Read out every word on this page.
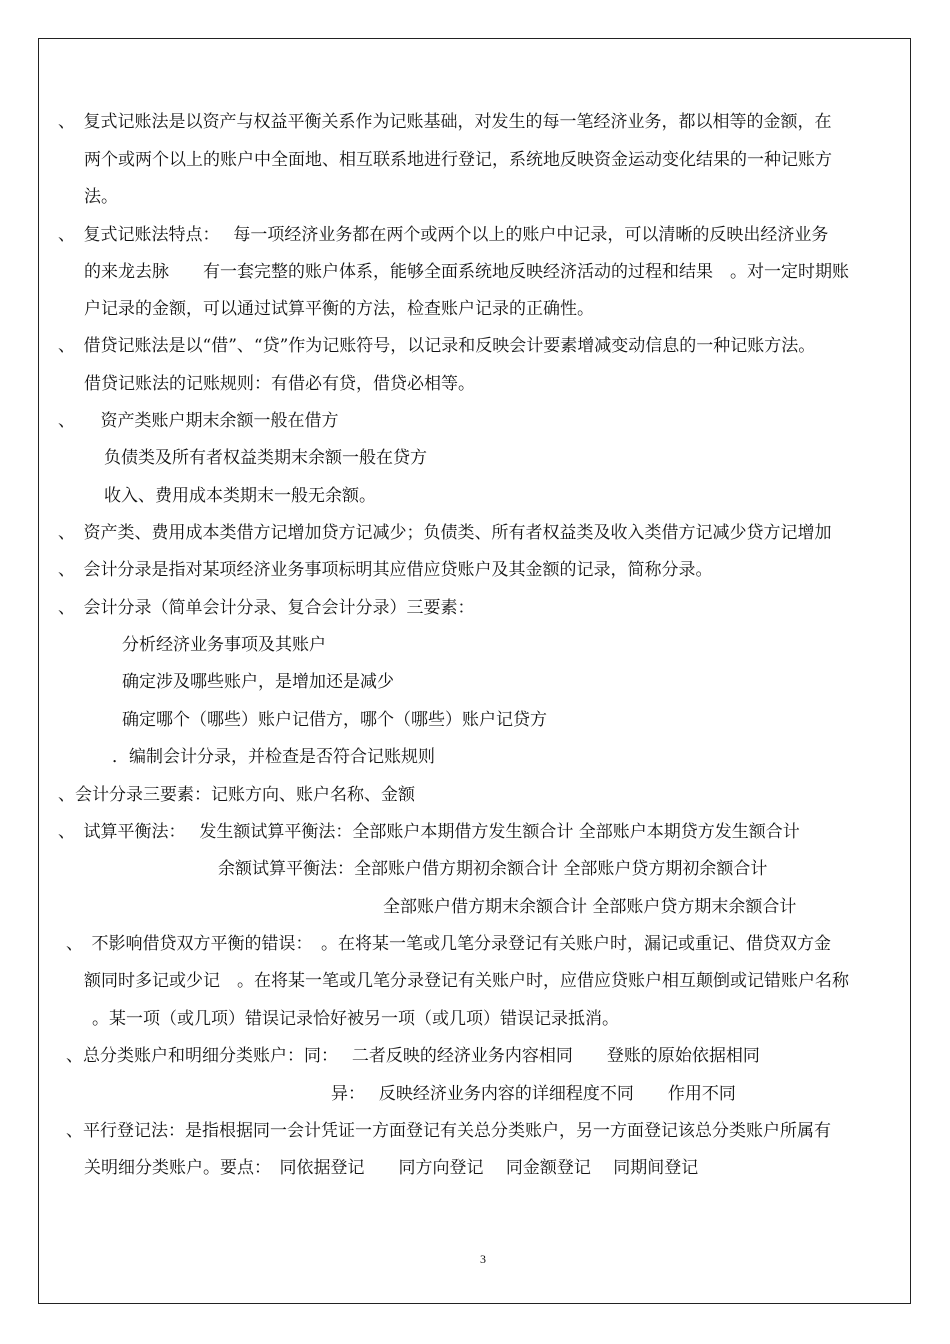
、　复式记账法是以资产与权益平衡关系作为记账基础，对发生的每一笔经济业务，都以相等的金额，在
两个或两个以上的账户中全面地、相互联系地进行登记，系统地反映资金运动变化结果的一种记账方
法。
、　复式记账法特点：　 每一项经济业务都在两个或两个以上的账户中记录，可以清晰的反映出经济业务
的来龙去脉　　有一套完整的账户体系，能够全面系统地反映经济活动的过程和结果　。对一定时期账
户记录的金额，可以通过试算平衡的方法，检查账户记录的正确性。
、　借贷记账法是以“借”、“贷”作为记账符号，以记录和反映会计要素增减变动信息的一种记账方法。
借贷记账法的记账规则：有借必有贷，借贷必相等。
、　　资产类账户期末余额一般在借方
负债类及所有者权益类期末余额一般在贷方
收入、费用成本类期末一般无余额。
、　资产类、费用成本类借方记增加贷方记减少；负债类、所有者权益类及收入类借方记减少贷方记增加
、　会计分录是指对某项经济业务事项标明其应借应贷账户及其金额的记录，简称分录。
、　会计分录（简单会计分录、复合会计分录）三要素：
分析经济业务事项及其账户
确定涉及哪些账户，是增加还是减少
确定哪个（哪些）账户记借方，哪个（哪些）账户记贷方
．编制会计分录，并检查是否符合记账规则
、会计分录三要素：记账方向、账户名称、金额
、　试算平衡法：　 发生额试算平衡法：全部账户本期借方发生额合计 全部账户本期贷方发生额合计
余额试算平衡法：全部账户借方期初余额合计 全部账户贷方期初余额合计
全部账户借方期末余额合计 全部账户贷方期末余额合计
、　不影响借贷双方平衡的错误：　。在将某一笔或几笔分录登记有关账户时，漏记或重记、借贷双方金
额同时多记或少记　。在将某一笔或几笔分录登记有关账户时，应借应贷账户相互颠倒或记错账户名称
。某一项（或几项）错误记录恰好被另一项（或几项）错误记录抵消。
、总分类账户和明细分类账户：同：　 二者反映的经济业务内容相同　　登账的原始依据相同
异：　 反映经济业务内容的详细程度不同　　作用不同
、平行登记法：是指根据同一会计凭证一方面登记有关总分类账户，另一方面登记该总分类账户所属有
关明细分类账户。要点：　同依据登记　　同方向登记　 同金额登记　 同期间登记
3
